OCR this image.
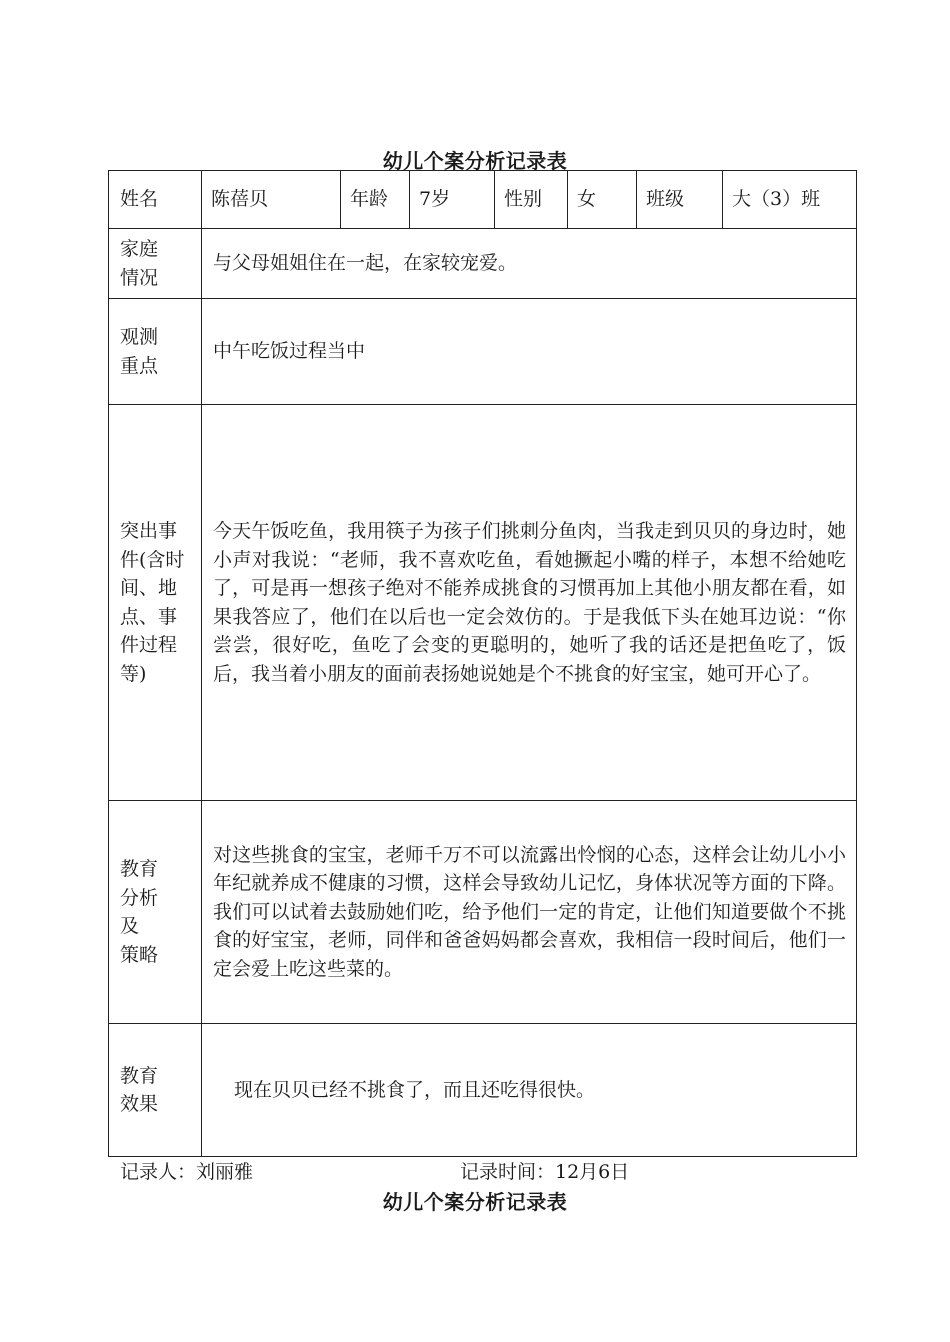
幼儿个案分析记录表
姓名	陈蓓贝	年龄	7岁	性别	女	班级	大（3）班
家庭
情况	与父母姐姐住在一起，在家较宠爱。						
观测
重点	中午吃饭过程当中						
突出事件(含时间、地点、事件过程等)	今天午饭吃鱼，我用筷子为孩子们挑刺分鱼肉，当我走到贝贝的身边时，她小声对我说：“老师，我不喜欢吃鱼，看她撅起小嘴的样子，本想不给她吃了，可是再一想孩子绝对不能养成挑食的习惯再加上其他小朋友都在看，如果我答应了，他们在以后也一定会效仿的。于是我低下头在她耳边说：“你尝尝，很好吃，鱼吃了会变的更聪明的，她听了我的话还是把鱼吃了，饭后，我当着小朋友的面前表扬她说她是个不挑食的好宝宝，她可开心了。						
教育
分析
及
策略	对这些挑食的宝宝，老师千万不可以流露出怜悯的心态，这样会让幼儿小小年纪就养成不健康的习惯，这样会导致幼儿记忆，身体状况等方面的下降。我们可以试着去鼓励她们吃，给予他们一定的肯定，让他们知道要做个不挑食的好宝宝，老师，同伴和爸爸妈妈都会喜欢，我相信一段时间后，他们一定会爱上吃这些菜的。						
教育
效果	现在贝贝已经不挑食了，而且还吃得很快。						
记录人：刘丽雅	记录时间：12月6日
幼儿个案分析记录表
